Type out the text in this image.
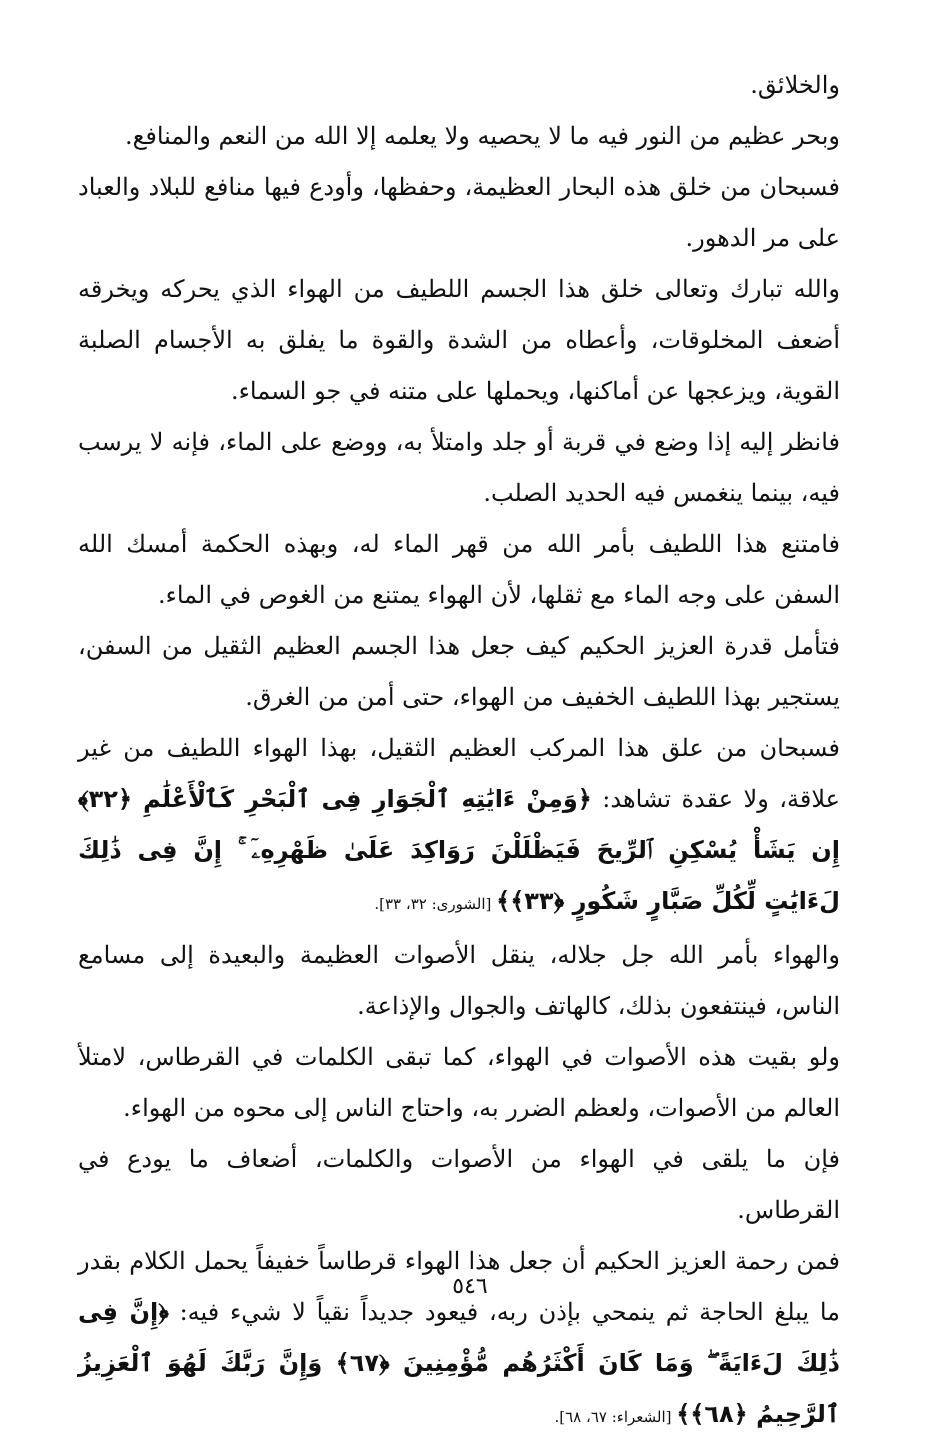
والخلائق.

وبحر عظيم من النور فيه ما لا يحصيه ولا يعلمه إلا الله من النعم والمنافع.

فسبحان من خلق هذه البحار العظيمة، وحفظها، وأودع فيها منافع للبلاد والعباد على مر الدهور.

والله تبارك وتعالى خلق هذا الجسم اللطيف من الهواء الذي يحركه ويخرقه أضعف المخلوقات، وأعطاه من الشدة والقوة ما يفلق به الأجسام الصلبة القوية، ويزعجها عن أماكنها، ويحملها على متنه في جو السماء.

فانظر إليه إذا وضع في قربة أو جلد وامتلأ به، ووضع على الماء، فإنه لا يرسب فيه، بينما ينغمس فيه الحديد الصلب.

فامتنع هذا اللطيف بأمر الله من قهر الماء له، وبهذه الحكمة أمسك الله السفن على وجه الماء مع ثقلها، لأن الهواء يمتنع من الغوص في الماء.

فتأمل قدرة العزيز الحكيم كيف جعل هذا الجسم العظيم الثقيل من السفن، يستجير بهذا اللطيف الخفيف من الهواء، حتى أمن من الغرق.

فسبحان من علق هذا المركب العظيم الثقيل، بهذا الهواء اللطيف من غير علاقة، ولا عقدة تشاهد: ﴿وَمِنْ ءَايَٰتِهِ ٱلْجَوَارِ فِى ٱلْبَحْرِ كَٱلْأَعْلَٰمِ ﴿٣٢﴾ إِن يَشَأْ يُسْكِنِ ٱلرِّيحَ فَيَظْلَلْنَ رَوَاكِدَ عَلَىٰ ظَهْرِهِۦٓ ۚ إِنَّ فِى ذَٰلِكَ لَءَايَٰتٍ لِّكُلِّ صَبَّارٍ شَكُورٍ ﴿٣٣﴾﴾ [الشورى: ٣٢، ٣٣].

والهواء بأمر الله جل جلاله، ينقل الأصوات العظيمة والبعيدة إلى مسامع الناس، فينتفعون بذلك، كالهاتف والجوال والإذاعة.

ولو بقيت هذه الأصوات في الهواء، كما تبقى الكلمات في القرطاس، لامتلأ العالم من الأصوات، ولعظم الضرر به، واحتاج الناس إلى محوه من الهواء.

فإن ما يلقى في الهواء من الأصوات والكلمات، أضعاف ما يودع في القرطاس.

فمن رحمة العزيز الحكيم أن جعل هذا الهواء قرطاساً خفيفاً يحمل الكلام بقدر ما يبلغ الحاجة ثم ينمحي بإذن ربه، فيعود جديداً نقياً لا شيء فيه: ﴿إِنَّ فِى ذَٰلِكَ لَءَايَةً ۖ وَمَا كَانَ أَكْثَرُهُم مُّؤْمِنِينَ ﴿٦٧﴾ وَإِنَّ رَبَّكَ لَهُوَ ٱلْعَزِيزُ ٱلرَّحِيمُ ﴿٦٨﴾﴾ [الشعراء: ٦٧، ٦٨].

٥٤٦
